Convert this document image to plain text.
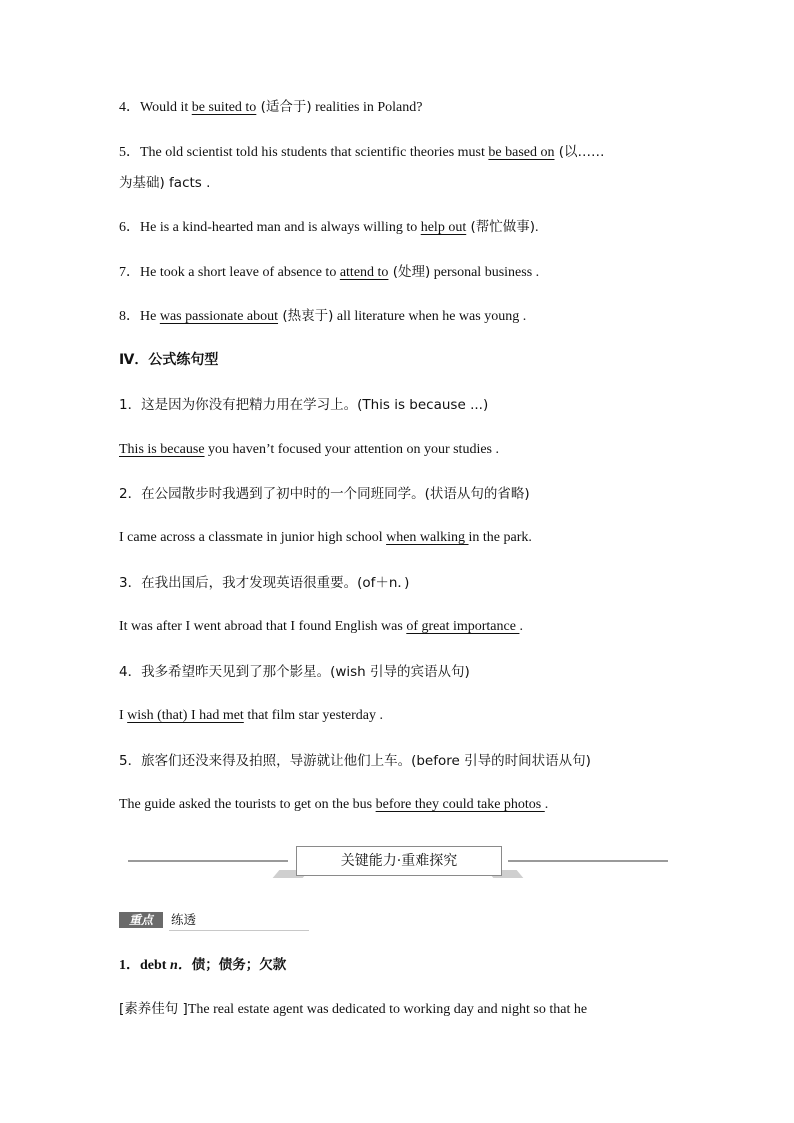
4．Would it be suited to (适合于) realities in Poland?
5．The old scientist told his students that scientific theories must be based on (以……
为基础) facts .
6．He is a kind-hearted man and is always willing to help out (帮忙做事).
7．He took a short leave of absence to attend to (处理) personal business .
8．He was passionate about (热衷于) all literature when he was young .
Ⅳ．公式练句型
1．这是因为你没有把精力用在学习上。(This is because ...)
This is because you haven’t focused your attention on your studies .
2．在公园散步时我遇到了初中时的一个同班同学。(状语从句的省略)
I came across a classmate in junior high school when walking in the park.
3．在我出国后，我才发现英语很重要。(of＋n．)
It was after I went abroad that I found English was of great importance .
4．我多希望昨天见到了那个影星。(wish 引导的宾语从句)
I wish (that) I had met that film star yesterday .
5．旅客们还没来得及拍照，导游就让他们上车。(before 引导的时间状语从句)
The guide asked the tourists to get on the bus before they could take photos .
关键能力·重难探究
重点	练透
1．debt n．债；债务；欠款
[素养佳句 ]The real estate agent was dedicated to working day and night so that he
